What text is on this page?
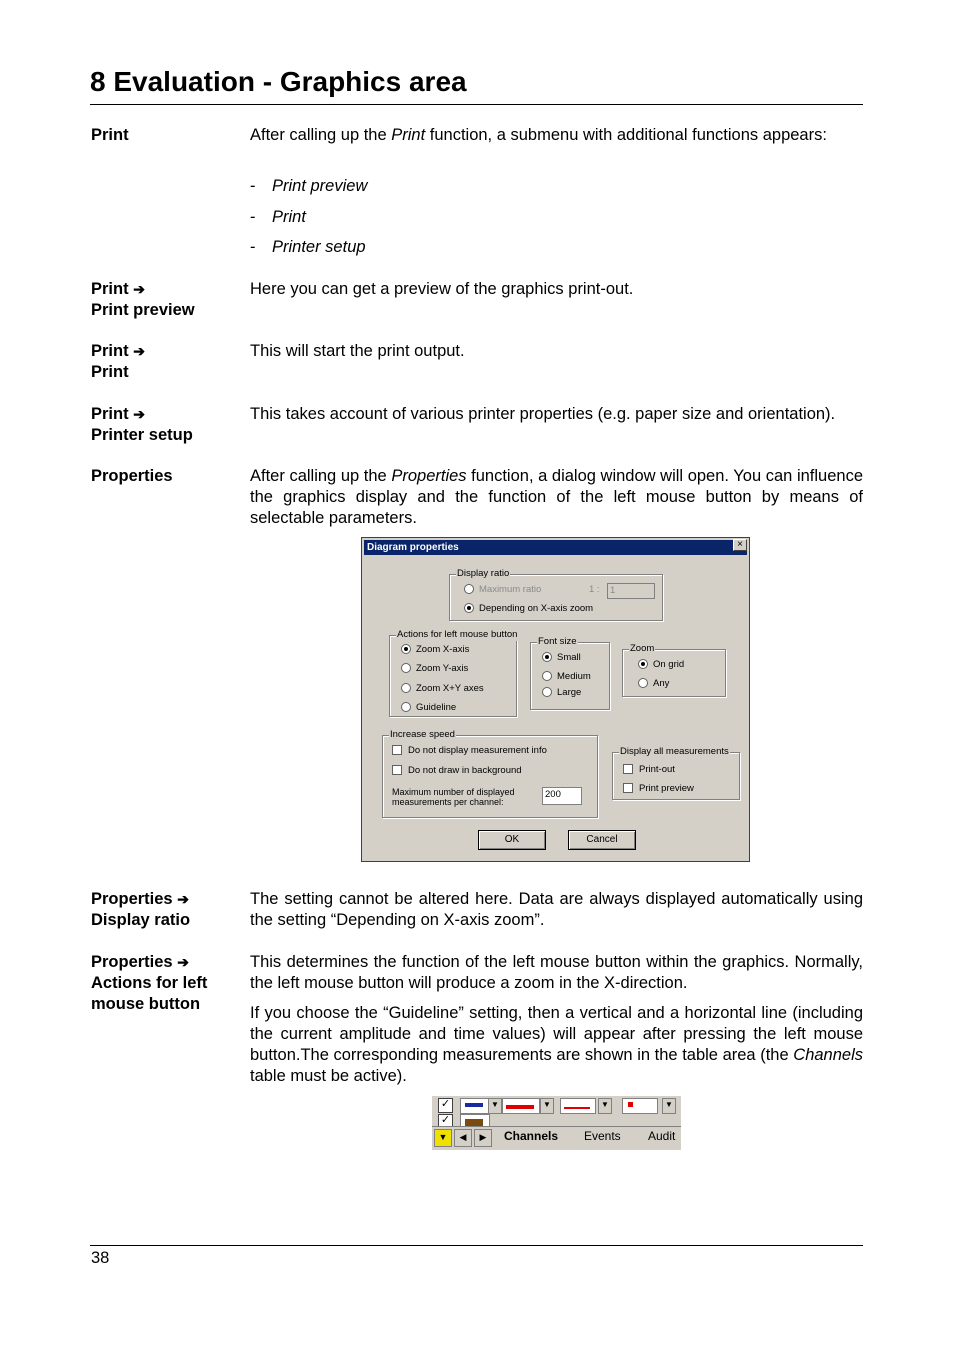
8 Evaluation - Graphics area
Print	After calling up the Print function, a submenu with additional functions appears:
- Print preview
- Print
- Printer setup
Print ➔
Print preview
Here you can get a preview of the graphics print-out.
Print ➔
Print
This will start the print output.
Print ➔
Printer setup
This takes account of various printer properties (e.g. paper size and orientation).
Properties	After calling up the Properties function, a dialog window will open. You can influence the graphics display and the function of the left mouse button by means of selectable parameters.
Diagram properties	×
Display ratio
Maximum ratio	1 :	1
Depending on X-axis zoom
Actions for left mouse button
Zoom X-axis
Zoom Y-axis
Zoom X+Y axes
Guideline
Font size
Small
Medium
Large
Zoom
On grid
Any
Increase speed
Do not display measurement info
Do not draw in background
Maximum number of displayed
measurements per channel:
200
Display all measurements
Print-out
Print preview
OK	Cancel
Properties ➔
Display ratio
The setting cannot be altered here. Data are always displayed automatically using the setting “Depending on X-axis zoom”.
Properties ➔
Actions for left
mouse button
This determines the function of the left mouse button within the graphics. Normally, the left mouse button will produce a zoom in the X-direction.
If you choose the “Guideline” setting, then a vertical and a horizontal line (including the current amplitude and time values) will appear after pressing the left mouse button.The corresponding measurements are shown in the table area (the Channels table must be active).
✓	▼	▼	▼	▼
✓
▼	◀	▶	Channels Events Audit
38
